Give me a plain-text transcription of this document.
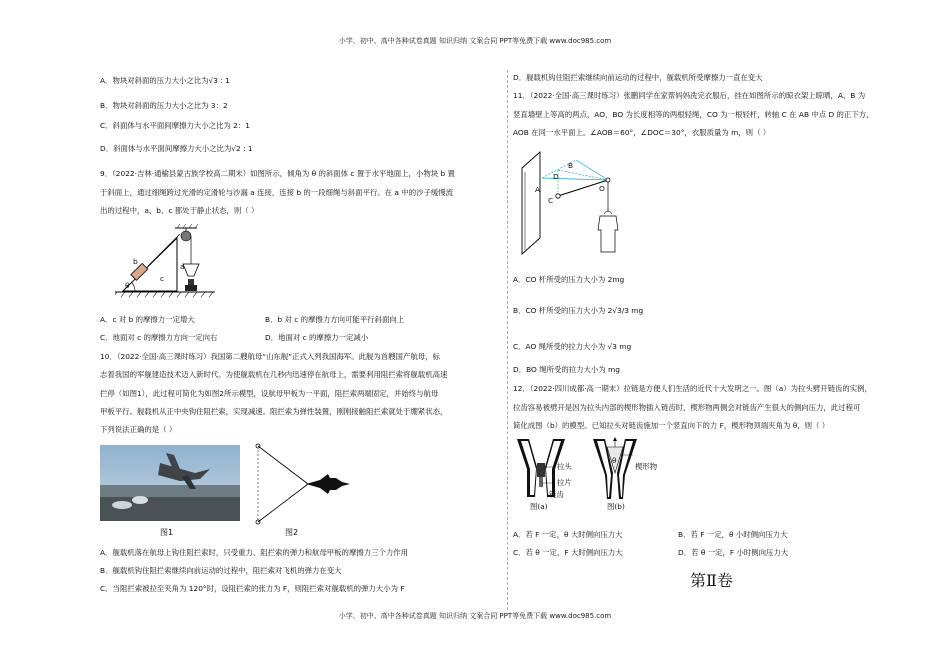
小学、初中、高中各种试卷真题 知识归纳 文案合同 PPT等免费下载 www.doc985.com
A．物块对斜面的压力大小之比为√3 : 1
B．物块对斜面的压力大小之比为 3：2
C．斜面体与水平面间摩擦力大小之比为 2：1
D．斜面体与水平面间摩擦力大小之比为√2 : 1
9．（2022·吉林·通榆县蒙古族学校高二期末）如图所示，倾角为 θ 的斜面体 c 置于水平地面上，小物块 b 置
于斜面上，通过细绳跨过光滑的定滑轮与沙漏 a 连接，连接 b 的一段细绳与斜面平行。在 a 中的沙子缓慢流
出的过程中，a、b、c 都处于静止状态，则（ ）
b
a
c
θ
A．c 对 b 的摩擦力一定增大	B．b 对 c 的摩擦力方向可能平行斜面向上
C．地面对 c 的摩擦力方向一定向右	D．地面对 c 的摩擦力一定减小
10．（2022·全国·高三课时练习）我国第二艘航母“山东舰”正式入列我国海军。此舰为首艘国产航母，标
志着我国的军舰建造技术迈入新时代。为使舰载机在几秒内迅速停在航母上，需要利用阻拦索将舰载机高速
拦停（如图1），此过程可简化为如图2所示模型，设航母甲板为一平面，阻拦索两端固定，并始终与航母
甲板平行。舰载机从正中央钩住阻拦索，实现减速。阻拦索为弹性装置，刚刚接触阻拦索就处于绷紧状态，
下列说法正确的是（ ）
图1	图2
A．舰载机落在航母上钩住阻拦索时，只受重力、阻拦索的弹力和航母甲板的摩擦力三个力作用
B．舰载机钩住阻拦索继续向前运动的过程中，阻拦索对飞机的弹力在变大
C．当阻拦索被拉至夹角为 120°时，设阻拦索的张力为 F，则阻拦索对舰载机的弹力大小为 F
D．舰载机钩住阻拦索继续向前运动的过程中，舰载机所受摩擦力一直在变大
11．（2022·全国·高三课时练习）张鹏同学在家帮妈妈洗完衣服后，挂在如图所示的晾衣架上晾晒，A、B 为
竖直墙壁上等高的两点，AO、BO 为长度相等的两根轻绳，CO 为一根轻杆，转轴 C 在 AB 中点 D 的正下方，
AOB 在同一水平面上。∠AOB＝60°，∠DOC＝30°，衣服质量为 m，则（ ）
A
B
D
C
O
A．CO 杆所受的压力大小为 2mg
B．CO 杆所受的压力大小为 2√3/3 mg
C．AO 绳所受的拉力大小为 √3 mg
D．BO 绳所受的拉力大小为 mg
12．（2022·四川成都·高一期末）拉链是方便人们生活的近代十大发明之一。图（a）为拉头劈开链齿的实例，
拉齿容易被劈开是因为拉头内部的楔形物插入链齿时，楔形物两侧会对链齿产生很大的侧向压力，此过程可
简化成图（b）的模型。已知拉头对链齿施加一个竖直向下的力 F，楔形物顶端夹角为 θ，则（ ）
拉头
拉片
链齿
楔形物
θ
图(a)	图(b)
A．若 F 一定，θ 大时侧向压力大	B．若 F 一定，θ 小时侧向压力大
C．若 θ 一定，F 大时侧向压力大	D．若 θ 一定，F 小时侧向压力大
第Ⅱ卷
小学、初中、高中各种试卷真题 知识归纳 文案合同 PPT等免费下载 www.doc985.com
